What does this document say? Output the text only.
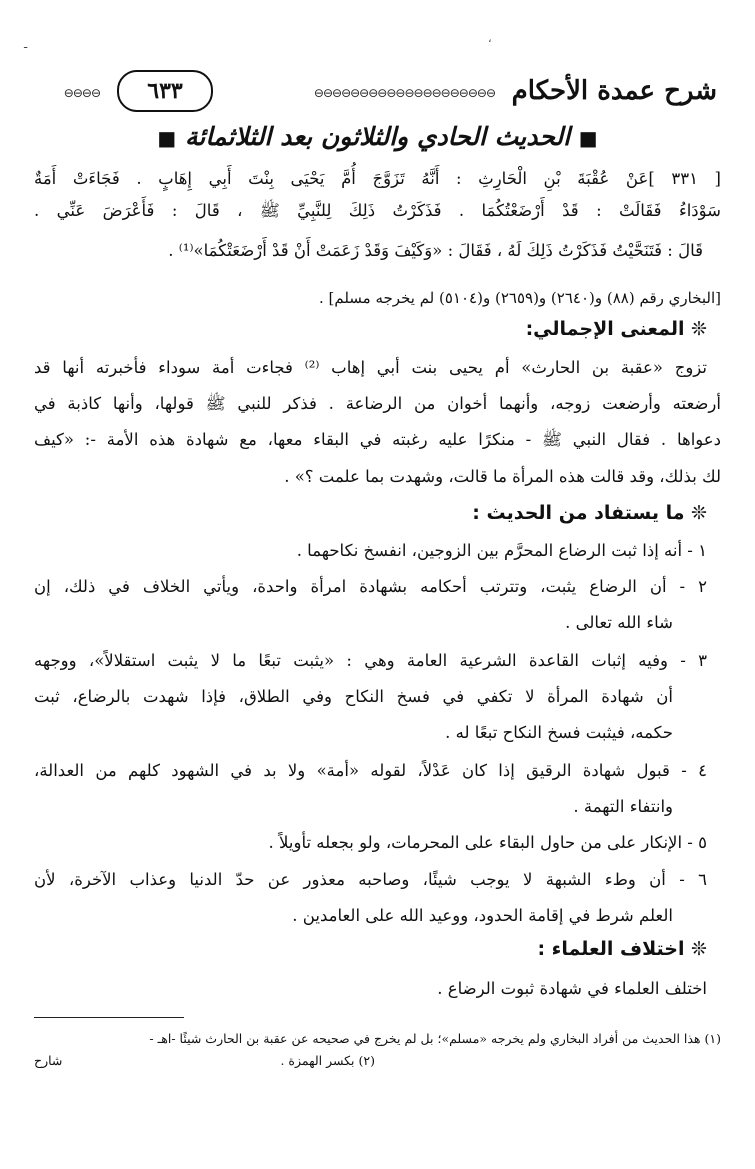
ـ	،
شرح عمدة الأحكام
⊖⊖⊖⊖⊖⊖⊖⊖⊖⊖⊖⊖⊖⊖⊖⊖⊖⊖⊖⊖
٦٣٣
⊖⊖⊖⊖
■ الحديث الحادي والثلاثون بعد الثلاثمائة ■
[ ٣٣١ ]عَنْ عُقْبَةَ بْنِ الْحَارِثِ : أَنَّهُ تَزَوَّجَ أُمَّ يَحْيَى بِنْتَ أَبِي إِهَابٍ . فَجَاءَتْ أَمَةٌ
سَوْدَاءُ فَقَالَتْ : قَدْ أَرْضَعْتُكُمَا . فَذَكَرْتُ ذَلِكَ لِلنَّبِيِّ ﷺ ، قَالَ : فَأَعْرَضَ عَنِّي .
قَالَ : فَتَنَحَّيْتُ فَذَكَرْتُ ذَلِكَ لَهُ ، فَقَالَ : «وَكَيْفَ وَقَدْ زَعَمَتْ أَنْ قَدْ أَرْضَعَتْكُمَا»⁽¹⁾ .
[البخاري رقم (٨٨) و(٢٦٤٠) و(٢٦٥٩) و(٥١٠٤) لم يخرجه مسلم] .
❊ المعنى الإجمالي:
تزوج «عقبة بن الحارث» أم يحيى بنت أبي إهاب ⁽²⁾ فجاءت أمة سوداء فأخبرته أنها قد
أرضعته وأرضعت زوجه، وأنهما أخوان من الرضاعة . فذكر للنبي ﷺ قولها، وأنها كاذبة في
دعواها . فقال النبي ﷺ - منكرًا عليه رغبته في البقاء معها، مع شهادة هذه الأمة -: «كيف
لك بذلك، وقد قالت هذه المرأة ما قالت، وشهدت بما علمت ؟» .
❊ ما يستفاد من الحديث :
١ - أنه إذا ثبت الرضاع المحرَّم بين الزوجين، انفسخ نكاحهما .
٢ - أن الرضاع يثبت، وتترتب أحكامه بشهادة امرأة واحدة، ويأتي الخلاف في ذلك، إن
شاء الله تعالى .
٣ - وفيه إثبات القاعدة الشرعية العامة وهي : «يثبت تبعًا ما لا يثبت استقلالاً»، ووجهه
أن شهادة المرأة لا تكفي في فسخ النكاح وفي الطلاق، فإذا شهدت بالرضاع، ثبت
حكمه، فيثبت فسخ النكاح تبعًا له .
٤ - قبول شهادة الرقيق إذا كان عَدْلاً، لقوله «أمة» ولا بد في الشهود كلهم من العدالة،
وانتفاء التهمة .
٥ - الإنكار على من حاول البقاء على المحرمات، ولو بجعله تأويلاً .
٦ - أن وطء الشبهة لا يوجب شيئًا، وصاحبه معذور عن حدّ الدنيا وعذاب الآخرة، لأن
العلم شرط في إقامة الحدود، ووعيد الله على العامدين .
❊ اختلاف العلماء :
اختلف العلماء في شهادة ثبوت الرضاع .
(١) هذا الحديث من أفراد البخاري ولم يخرجه «مسلم»؛ بل لم يخرج في صحيحه عن عقبة بن الحارث شيئًا -اهـ -
شارح	(٢) بكسر الهمزة .
